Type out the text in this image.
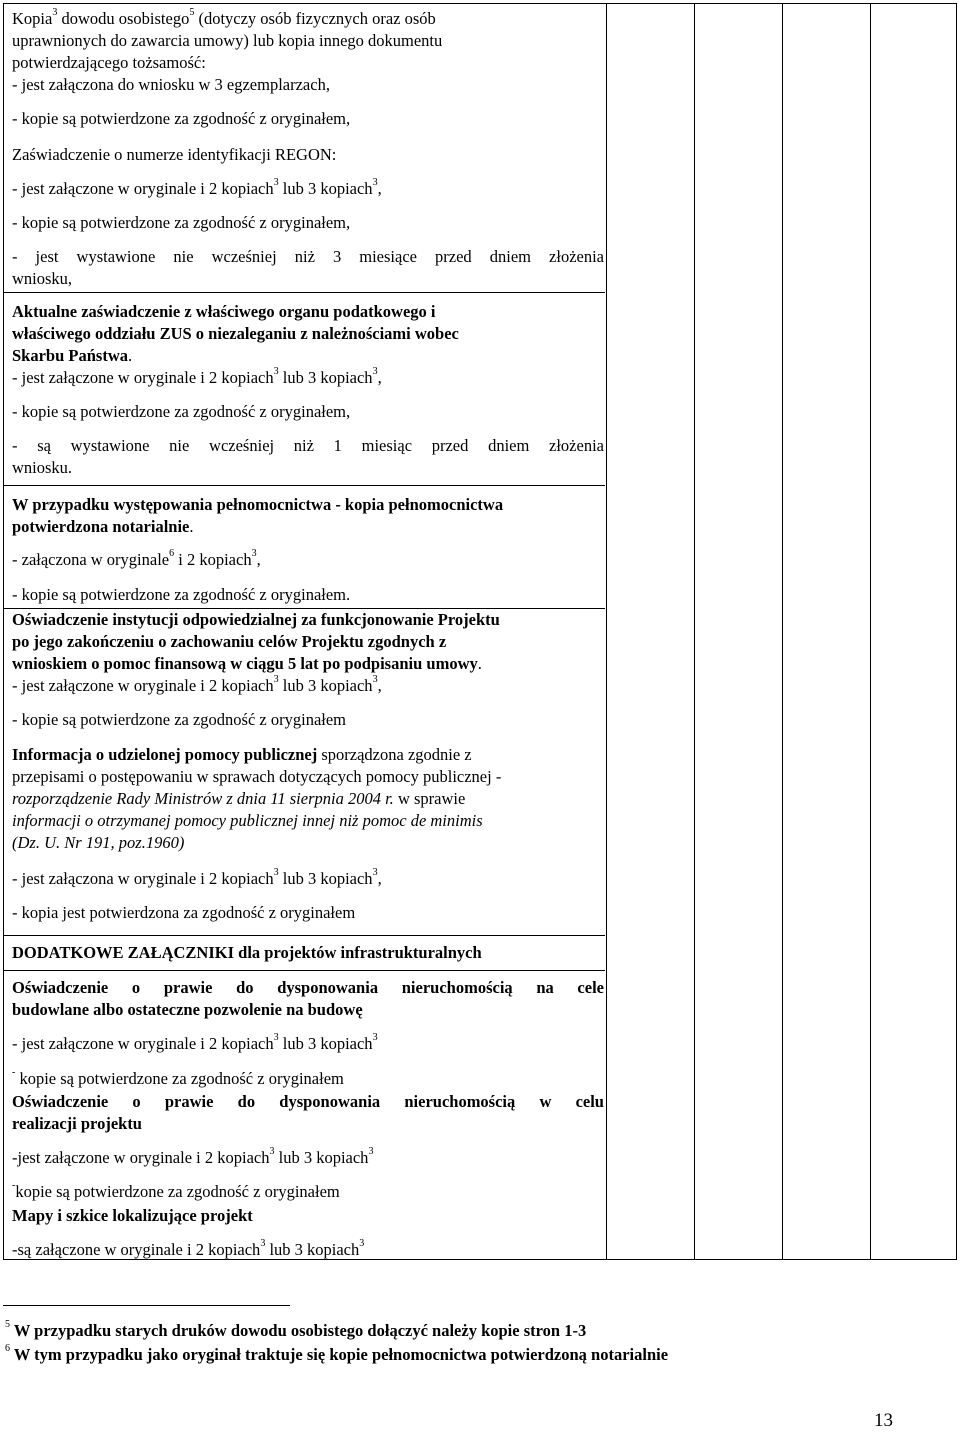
Kopia$^3$ dowodu osobistego$^5$ (dotyczy osób fizycznych oraz osób
uprawnionych do zawarcia umowy) lub kopia innego dokumentu
potwierdzającego tożsamość:
- jest załączona do wniosku w 3 egzemplarzach,
- kopie są potwierdzone za zgodność z oryginałem,
Zaświadczenie o numerze identyfikacji REGON:
- jest załączone w oryginale i 2 kopiach$^3$ lub 3 kopiach$^3$,
- kopie są potwierdzone za zgodność z oryginałem,
- jest wystawione nie wcześniej niż 3 miesiące przed dniem złożenia
wniosku,
Aktualne zaświadczenie z właściwego organu podatkowego i
właściwego oddziału ZUS o niezaleganiu z należnościami wobec
Skarbu Państwa.
- jest załączone w oryginale i 2 kopiach$^3$ lub 3 kopiach$^3$,
- kopie są potwierdzone za zgodność z oryginałem,
- są wystawione nie wcześniej niż 1 miesiąc przed dniem złożenia
wniosku.
W przypadku występowania pełnomocnictwa - kopia pełnomocnictwa
potwierdzona notarialnie.
- załączona w oryginale$^6$ i 2 kopiach$^3$,
- kopie są potwierdzone za zgodność z oryginałem.
Oświadczenie instytucji odpowiedzialnej za funkcjonowanie Projektu
po jego zakończeniu o zachowaniu celów Projektu zgodnych z
wnioskiem o pomoc finansową w ciągu 5 lat po podpisaniu umowy.
- jest załączone w oryginale i 2 kopiach$^3$ lub 3 kopiach$^3$,
- kopie są potwierdzone za zgodność z oryginałem
Informacja o udzielonej pomocy publicznej sporządzona zgodnie z
przepisami o postępowaniu w sprawach dotyczących pomocy publicznej -
rozporządzenie Rady Ministrów z dnia 11 sierpnia 2004 r. w sprawie
informacji o otrzymanej pomocy publicznej innej niż pomoc de minimis
(Dz. U. Nr 191, poz.1960)
- jest załączona w oryginale i 2 kopiach$^3$ lub 3 kopiach$^3$,
- kopia jest potwierdzona za zgodność z oryginałem
DODATKOWE ZAŁĄCZNIKI dla projektów infrastrukturalnych
Oświadczenie o prawie do dysponowania nieruchomością na cele
budowlane albo ostateczne pozwolenie na budowę
- jest załączone w oryginale i 2 kopiach$^3$ lub 3 kopiach$^3$
- kopie są potwierdzone za zgodność z oryginałem
Oświadczenie o prawie do dysponowania nieruchomością w celu
realizacji projektu
-jest załączone w oryginale i 2 kopiach$^3$ lub 3 kopiach$^3$
-kopie są potwierdzone za zgodność z oryginałem
Mapy i szkice lokalizujące projekt
-są załączone w oryginale i 2 kopiach$^3$ lub 3 kopiach$^3$
$^5$ W przypadku starych druków dowodu osobistego dołączyć należy kopie stron 1-3
$^6$ W tym przypadku jako oryginał traktuje się kopie pełnomocnictwa potwierdzoną notarialnie
13
